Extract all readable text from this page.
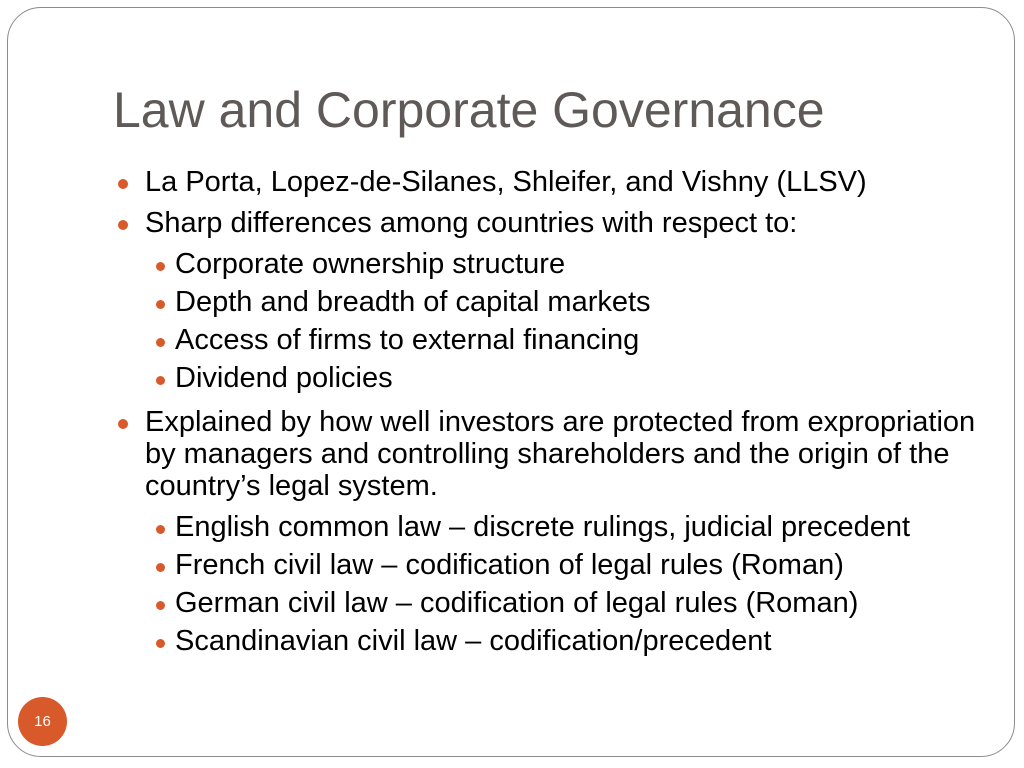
Law and Corporate Governance
La Porta, Lopez-de-Silanes, Shleifer, and Vishny (LLSV)
Sharp differences among countries with respect to:
Corporate ownership structure
Depth and breadth of capital markets
Access of firms to external financing
Dividend policies
Explained by how well investors are protected from expropriation by managers and controlling shareholders and the origin of the country’s legal system.
English common law – discrete rulings, judicial precedent
French civil law – codification of legal rules (Roman)
German civil law – codification of legal rules (Roman)
Scandinavian civil law – codification/precedent
16
